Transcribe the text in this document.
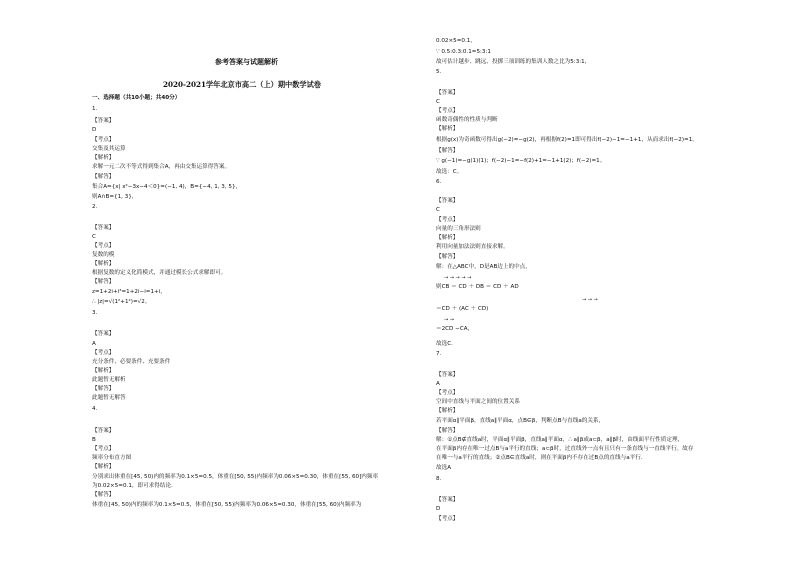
参考答案与试题解析
2020-2021学年北京市高二（上）期中数学试卷
一、选择题（共10小题；共40分）
1.
【答案】
D
【考点】
交集及其运算
【解析】
求解一元二次不等式得到集合A，再由交集运算得答案。
【解答】
集合A={x| x²−3x−4＜0}=(−1, 4)，B={−4, 1, 3, 5}，
则A∩B={1, 3}，
2.
【答案】
C
【考点】
复数的模
【解析】
根据复数的定义化简模式，并通过模长公式求解即可。
【解答】
z=1+2i+i³=1+2i−i=1+i，
∴ |z|=√(1²+1²)=√2。
3.
【答案】
A
【考点】
充分条件、必要条件、充要条件
【解析】
此题暂无解析
【解答】
此题暂无解答
4.
【答案】
B
【考点】
频率分布直方图
【解析】
分别求出体重在[45, 50)内的频率为0.1×5=0.5，体重在[50, 55)内频率为0.06×5=0.30，体重在[55, 60]内频率
为0.02×5=0.1，即可求得结论.
【解答】
体重在[45, 50)内的频率为0.1×5=0.5，体重在[50, 55)内频率为0.06×5=0.30，体重在[55, 60)内频率为
0.02×5=0.1，
∵ 0.5:0.3:0.1=5:3:1
故可估计越步、跳远、投掷三项训练的集训人数之比为5:3:1，
5.
【答案】
C
【考点】
函数奇偶性的性质与判断
【解析】
根据g(x)为奇函数可得出g(−2)=−g(2)，再根据f(2)=1即可得出f(−2)−1=−1+1，从而求出f(−2)=1。
【解答】
∵ g(−1)=−g(1)(1)；f(−2)−1=−f(2)+1=−1+1(2)；f(−2)=1。
故选：C。
6.
【答案】
C
【考点】
向量的三角形法则
【解析】
利用向量加法法则直接求解。
【解答】
解：在△ABC中，D是AB边上的中点，
则CB ＝ CD ＋ DB ＝ CD ＋ AD
＝CD ＋ (AC ＋ CD)
＝2CD −CA，
故选C.
7.
【答案】
A
【考点】
空间中直线与平面之间的位置关系
【解析】
若平面α∥平面β，直线a∥平面α，点B∈β，判断点B与直线a的关系，
【解答】
解：①点B∉直线a时，平面α∥平面β，直线a∥平面α，∴ a∥β或a⊂β，a∥β时，由线面平行性质定理，
在平面β内存在唯一过点B与a平行的直线；a⊂β时，过直线外一点有且只有一条直线与一直线平行。故存
在唯一与a平行的直线；②点B∈直线a时，则在平面β内不存在过B点的直线与a平行.
故选A
8.
【答案】
D
【考点】
→ → → → →
→ → →
→ →
